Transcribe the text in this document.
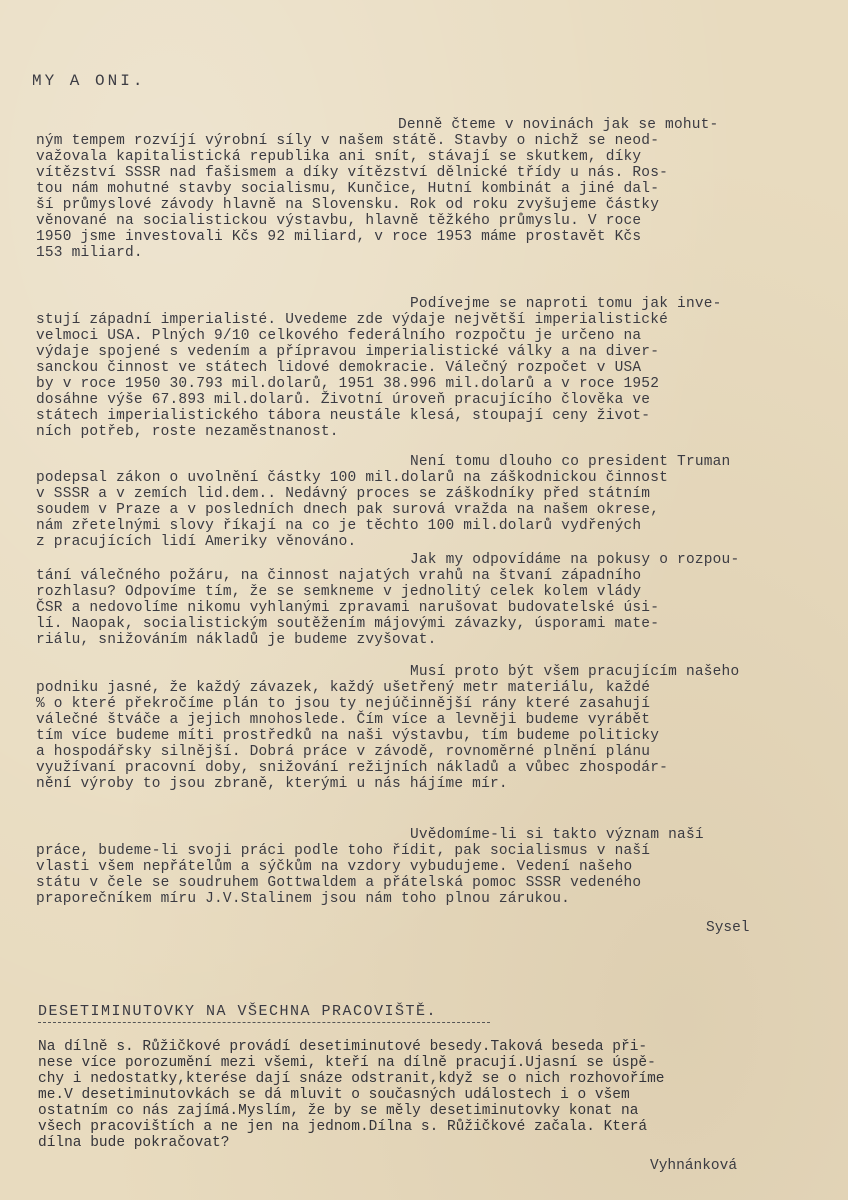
MY A ONI.
Denně čteme v novinách jak se mohut-
ným tempem rozvíjí výrobní síly v našem státě. Stavby o nichž se neod-
važovala kapitalistická republika ani snít, stávají se skutkem, díky
vítězství SSSR nad fašismem a díky vítězství dělnické třídy u nás. Ros-
tou nám mohutné stavby socialismu, Kunčice, Hutní kombinát a jiné dal-
ší průmyslové závody hlavně na Slovensku. Rok od roku zvyšujeme částky
věnované na socialistickou výstavbu, hlavně těžkého průmyslu. V roce
1950 jsme investovali Kčs 92 miliard, v roce 1953 máme prostavět Kčs
153 miliard.
Podívejme se naproti tomu jak inve-
stují západní imperialisté. Uvedeme zde výdaje největší imperialistické
velmoci USA. Plných 9/10 celkového federálního rozpočtu je určeno na
výdaje spojené s vedením a přípravou imperialistické války a na diver-
sanckou činnost ve státech lidové demokracie. Válečný rozpočet v USA
by v roce 1950 30.793 mil.dolarů, 1951 38.996 mil.dolarů a v roce 1952
dosáhne výše 67.893 mil.dolarů. Životní úroveň pracujícího člověka ve
státech imperialistického tábora neustále klesá, stoupají ceny život-
ních potřeb, roste nezaměstnanost.
Není tomu dlouho co president Truman
podepsal zákon o uvolnění částky 100 mil.dolarů na záškodnickou činnost
v SSSR a v zemích lid.dem.. Nedávný proces se záškodníky před státním
soudem v Praze a v posledních dnech pak surová vražda na našem okrese,
nám zřetelnými slovy říkají na co je těchto 100 mil.dolarů vydřených
z pracujících lidí Ameriky věnováno.
Jak my odpovídáme na pokusy o rozpou-
tání válečného požáru, na činnost najatých vrahů na štvaní západního
rozhlasu? Odpovíme tím, že se semkneme v jednolitý celek kolem vlády
ČSR a nedovolíme nikomu vyhlanými zpravami narušovat budovatelské úsi-
lí. Naopak, socialistickým soutěžením májovými závazky, úsporami mate-
riálu, snižováním nákladů je budeme zvyšovat.
Musí proto být všem pracujícím našeho
podniku jasné, že každý závazek, každý ušetřený metr materiálu, každé
% o které překročíme plán to jsou ty nejúčinnější rány které zasahují
válečné štváče a jejich mnohoslede. Čím více a levněji budeme vyrábět
tím více budeme míti prostředků na naši výstavbu, tím budeme politicky
a hospodářsky silnější. Dobrá práce v závodě, rovnoměrné plnění plánu
využívaní pracovní doby, snižování režijních nákladů a vůbec zhospodár-
nění výroby to jsou zbraně, kterými u nás hájíme mír.
Uvědomíme-li si takto význam naší
práce, budeme-li svoji práci podle toho řídit, pak socialismus v naší
vlasti všem nepřátelům a sýčkům na vzdory vybudujeme. Vedení našeho
státu v čele se soudruhem Gottwaldem a přátelská pomoc SSSR vedeného
praporečníkem míru J.V.Stalinem jsou nám toho plnou zárukou.
Sysel
DESETIMINUTOVKY NA VŠECHNA PRACOVIŠTĚ.
Na dílně s. Růžičkové provádí desetiminutové besedy.Taková beseda při-
nese více porozumění mezi všemi, kteří na dílně pracují.Ujasní se úspě-
chy i nedostatky,kterése dají snáze odstranit,když se o nich rozhovoříme
me.V desetiminutovkách se dá mluvit o současných událostech i o všem
ostatním co nás zajímá.Myslím, že by se měly desetiminutovky konat na
všech pracovištích a ne jen na jednom.Dílna s. Růžičkové začala. Která
dílna bude pokračovat?
Vyhnánková
